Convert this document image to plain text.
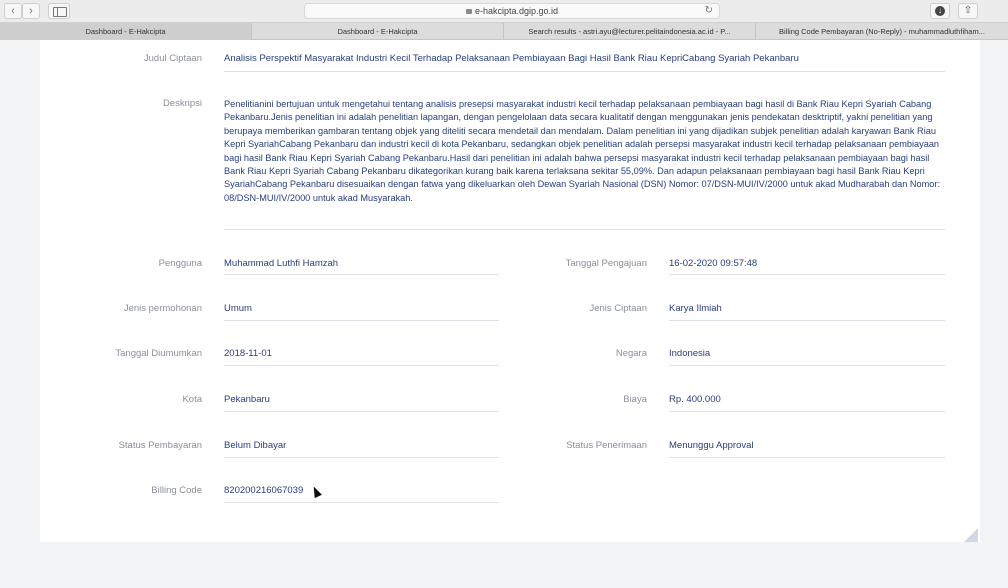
‹	›	e-hakcipta.dgip.go.id	↻	↓	⇧
Dashboard - E-Hakcipta	Dashboard - E-Hakcipta	Search results - astri.ayu@lecturer.pelitaindonesia.ac.id - P...	Billing Code Pembayaran (No-Reply) - muhammadluthfiham...
Judul Ciptaan Analisis Perspektif Masyarakat Industri Kecil Terhadap Pelaksanaan Pembiayaan Bagi Hasil Bank Riau KepriCabang Syariah Pekanbaru
Deskripsi Penelitianini bertujuan untuk mengetahui tentang analisis presepsi masyarakat industri kecil terhadap pelaksanaan pembiayaan bagi hasil di Bank Riau Kepri Syariah Cabang Pekanbaru.Jenis penelitian ini adalah penelitian lapangan, dengan pengelolaan data secara kualitatif dengan menggunakan jenis pendekatan desktriptif, yakni penelitian yang berupaya memberikan gambaran tentang objek yang diteliti secara mendetail dan mendalam. Dalam penelitian ini yang dijadikan subjek penelitian adalah karyawan Bank Riau Kepri SyariahCabang Pekanbaru dan industri kecil di kota Pekanbaru, sedangkan objek penelitian adalah persepsi masyarakat industri kecil terhadap pelaksanaan pembiayaan bagi hasil Bank Riau Kepri Syariah Cabang Pekanbaru.Hasil dari penelitian ini adalah bahwa persepsi masyarakat industri kecil terhadap pelaksanaan pembiayaan bagi hasil Bank Riau Kepri Syariah Cabang Pekanbaru dikategorikan kurang baik karena terlaksana sekitar 55,09%. Dan adapun pelaksanaan pembiayaan bagi hasil Bank Riau Kepri SyariahCabang Pekanbaru disesuaikan dengan fatwa yang dikeluarkan oleh Dewan Syariah Nasional (DSN) Nomor: 07/DSN-MUI/IV/2000 untuk akad Mudharabah dan Nomor: 08/DSN-MUI/IV/2000 untuk akad Musyarakah.
Pengguna Muhammad Luthfi Hamzah
Jenis permohonan Umum
Tanggal Diumumkan 2018-11-01
Kota Pekanbaru
Status Pembayaran Belum Dibayar
Billing Code 820200216067039
Tanggal Pengajuan 16-02-2020 09:57:48
Jenis Ciptaan Karya Ilmiah
Negara Indonesia
Biaya Rp. 400.000
Status Penerimaan Menunggu Approval
